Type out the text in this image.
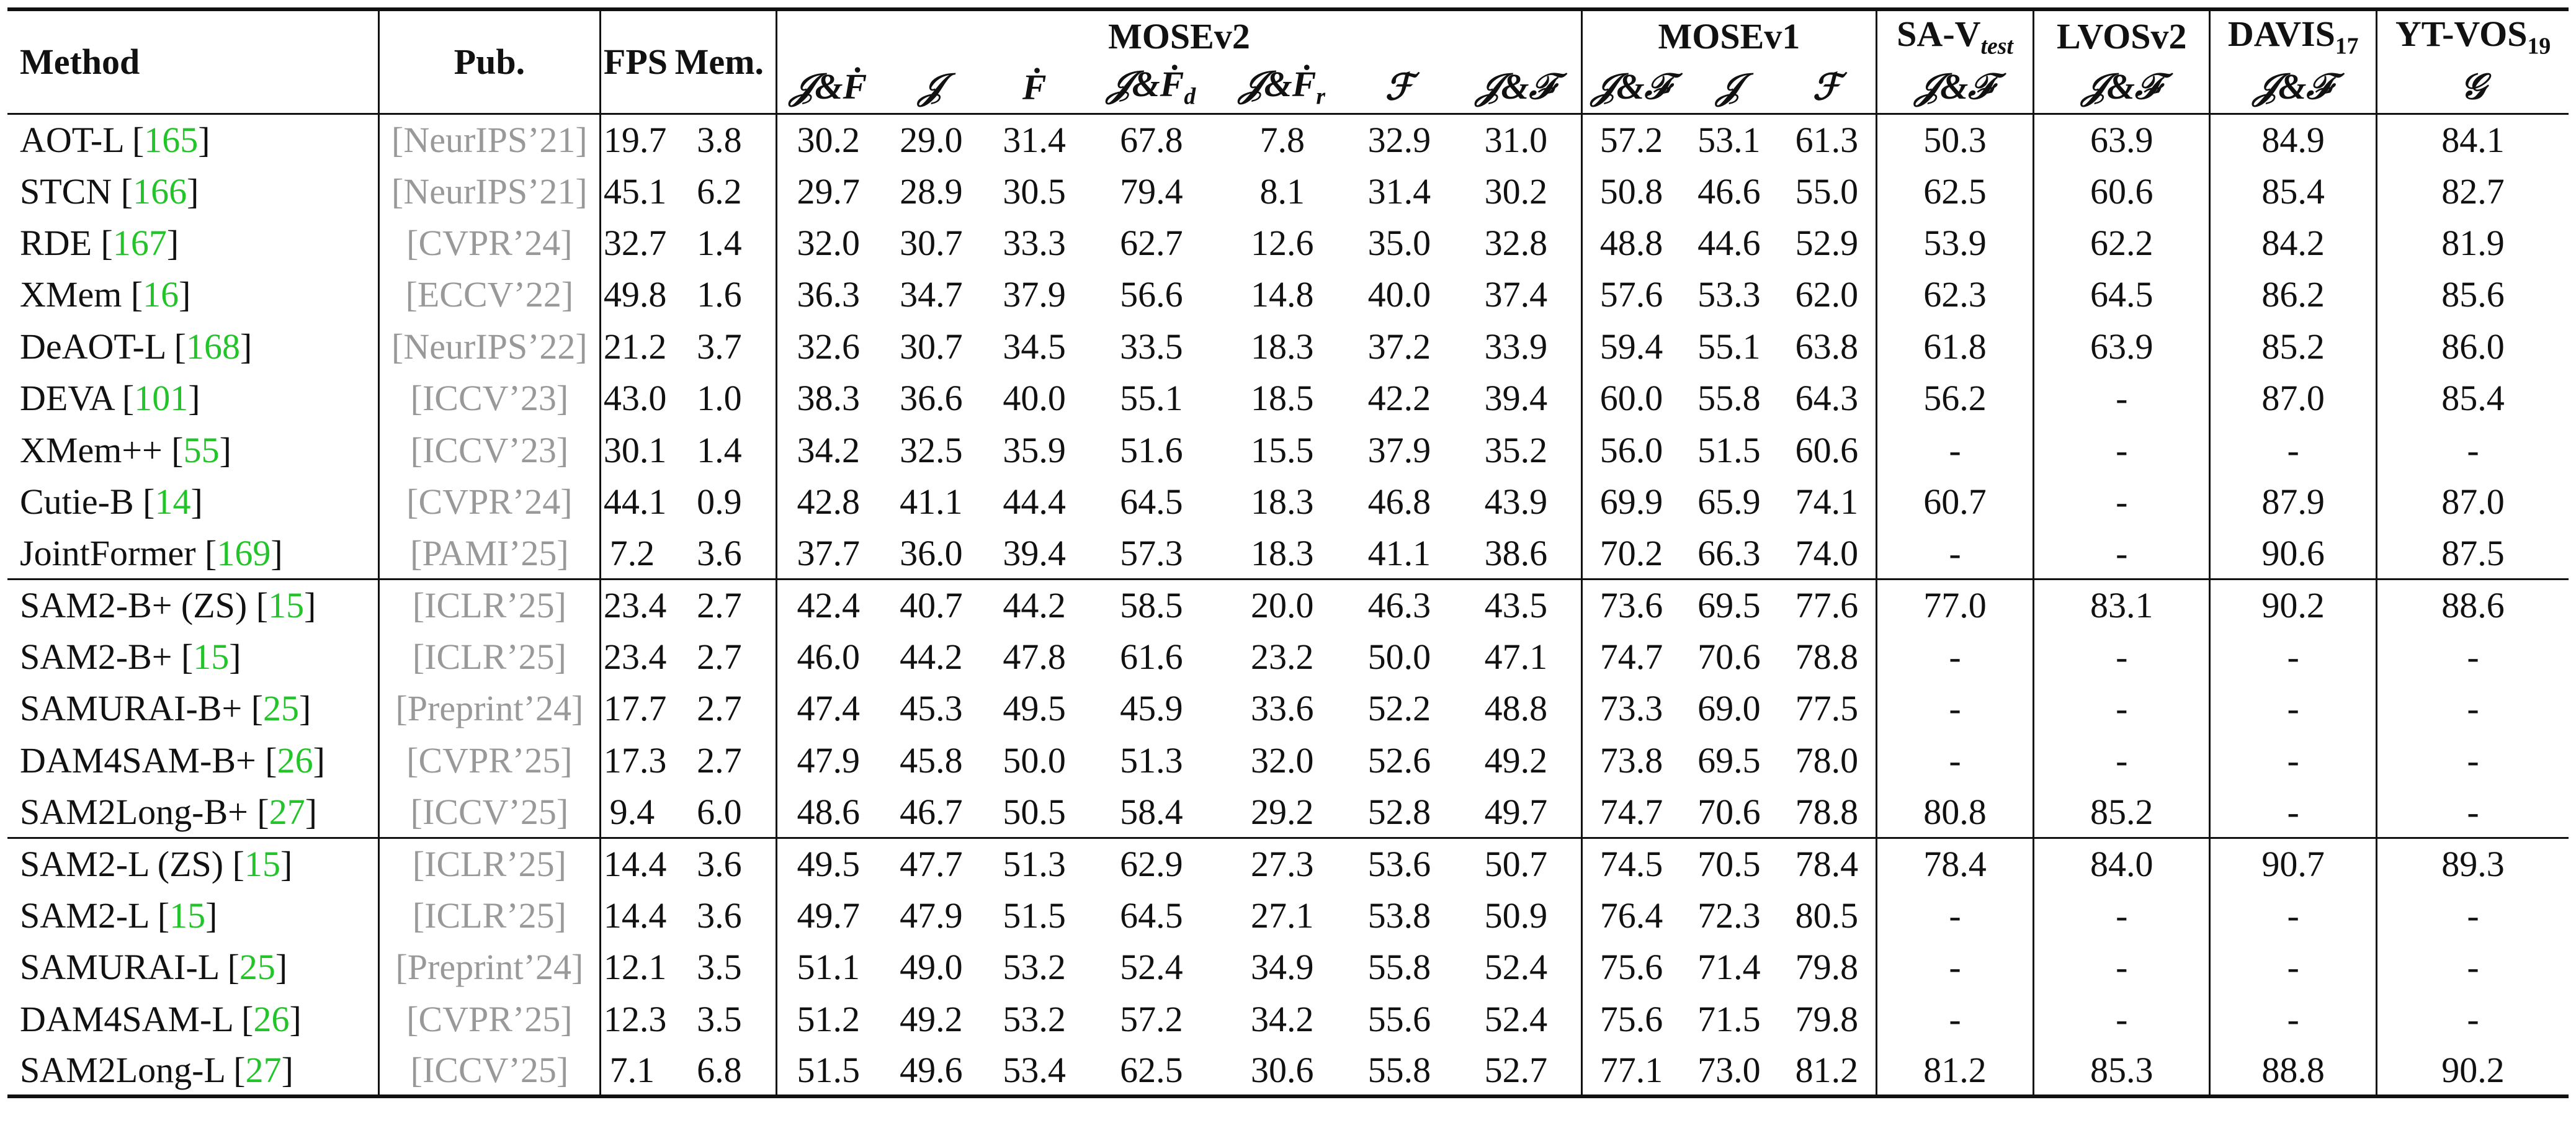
Method	Pub.	FPS	Mem.	MOSEv2							MOSEv1			$SA-V_{test}$	LVOSv2	$DAVIS_{17}$	$YT-VOS_{19}$
				𝒥&Ḟ	𝒥	Ḟ	𝒥&Ḟ$_d$	𝒥&Ḟ$_r$	ℱ	𝒥&ℱ	𝒥&ℱ	𝒥	ℱ	𝒥&ℱ	𝒥&ℱ	𝒥&ℱ	𝒢
AOT-L [165]	[NeurIPS’21]	19.7	3.8	30.2	29.0	31.4	67.8	7.8	32.9	31.0	57.2	53.1	61.3	50.3	63.9	84.9	84.1
STCN [166]	[NeurIPS’21]	45.1	6.2	29.7	28.9	30.5	79.4	8.1	31.4	30.2	50.8	46.6	55.0	62.5	60.6	85.4	82.7
RDE [167]	[CVPR’24]	32.7	1.4	32.0	30.7	33.3	62.7	12.6	35.0	32.8	48.8	44.6	52.9	53.9	62.2	84.2	81.9
XMem [16]	[ECCV’22]	49.8	1.6	36.3	34.7	37.9	56.6	14.8	40.0	37.4	57.6	53.3	62.0	62.3	64.5	86.2	85.6
DeAOT-L [168]	[NeurIPS’22]	21.2	3.7	32.6	30.7	34.5	33.5	18.3	37.2	33.9	59.4	55.1	63.8	61.8	63.9	85.2	86.0
DEVA [101]	[ICCV’23]	43.0	1.0	38.3	36.6	40.0	55.1	18.5	42.2	39.4	60.0	55.8	64.3	56.2	-	87.0	85.4
XMem++ [55]	[ICCV’23]	30.1	1.4	34.2	32.5	35.9	51.6	15.5	37.9	35.2	56.0	51.5	60.6	-	-	-	-
Cutie-B [14]	[CVPR’24]	44.1	0.9	42.8	41.1	44.4	64.5	18.3	46.8	43.9	69.9	65.9	74.1	60.7	-	87.9	87.0
JointFormer [169]	[PAMI’25]	7.2	3.6	37.7	36.0	39.4	57.3	18.3	41.1	38.6	70.2	66.3	74.0	-	-	90.6	87.5
SAM2-B+ (ZS) [15]	[ICLR’25]	23.4	2.7	42.4	40.7	44.2	58.5	20.0	46.3	43.5	73.6	69.5	77.6	77.0	83.1	90.2	88.6
SAM2-B+ [15]	[ICLR’25]	23.4	2.7	46.0	44.2	47.8	61.6	23.2	50.0	47.1	74.7	70.6	78.8	-	-	-	-
SAMURAI-B+ [25]	[Preprint’24]	17.7	2.7	47.4	45.3	49.5	45.9	33.6	52.2	48.8	73.3	69.0	77.5	-	-	-	-
DAM4SAM-B+ [26]	[CVPR’25]	17.3	2.7	47.9	45.8	50.0	51.3	32.0	52.6	49.2	73.8	69.5	78.0	-	-	-	-
SAM2Long-B+ [27]	[ICCV’25]	9.4	6.0	48.6	46.7	50.5	58.4	29.2	52.8	49.7	74.7	70.6	78.8	80.8	85.2	-	-
SAM2-L (ZS) [15]	[ICLR’25]	14.4	3.6	49.5	47.7	51.3	62.9	27.3	53.6	50.7	74.5	70.5	78.4	78.4	84.0	90.7	89.3
SAM2-L [15]	[ICLR’25]	14.4	3.6	49.7	47.9	51.5	64.5	27.1	53.8	50.9	76.4	72.3	80.5	-	-	-	-
SAMURAI-L [25]	[Preprint’24]	12.1	3.5	51.1	49.0	53.2	52.4	34.9	55.8	52.4	75.6	71.4	79.8	-	-	-	-
DAM4SAM-L [26]	[CVPR’25]	12.3	3.5	51.2	49.2	53.2	57.2	34.2	55.6	52.4	75.6	71.5	79.8	-	-	-	-
SAM2Long-L [27]	[ICCV’25]	7.1	6.8	51.5	49.6	53.4	62.5	30.6	55.8	52.7	77.1	73.0	81.2	81.2	85.3	88.8	90.2
